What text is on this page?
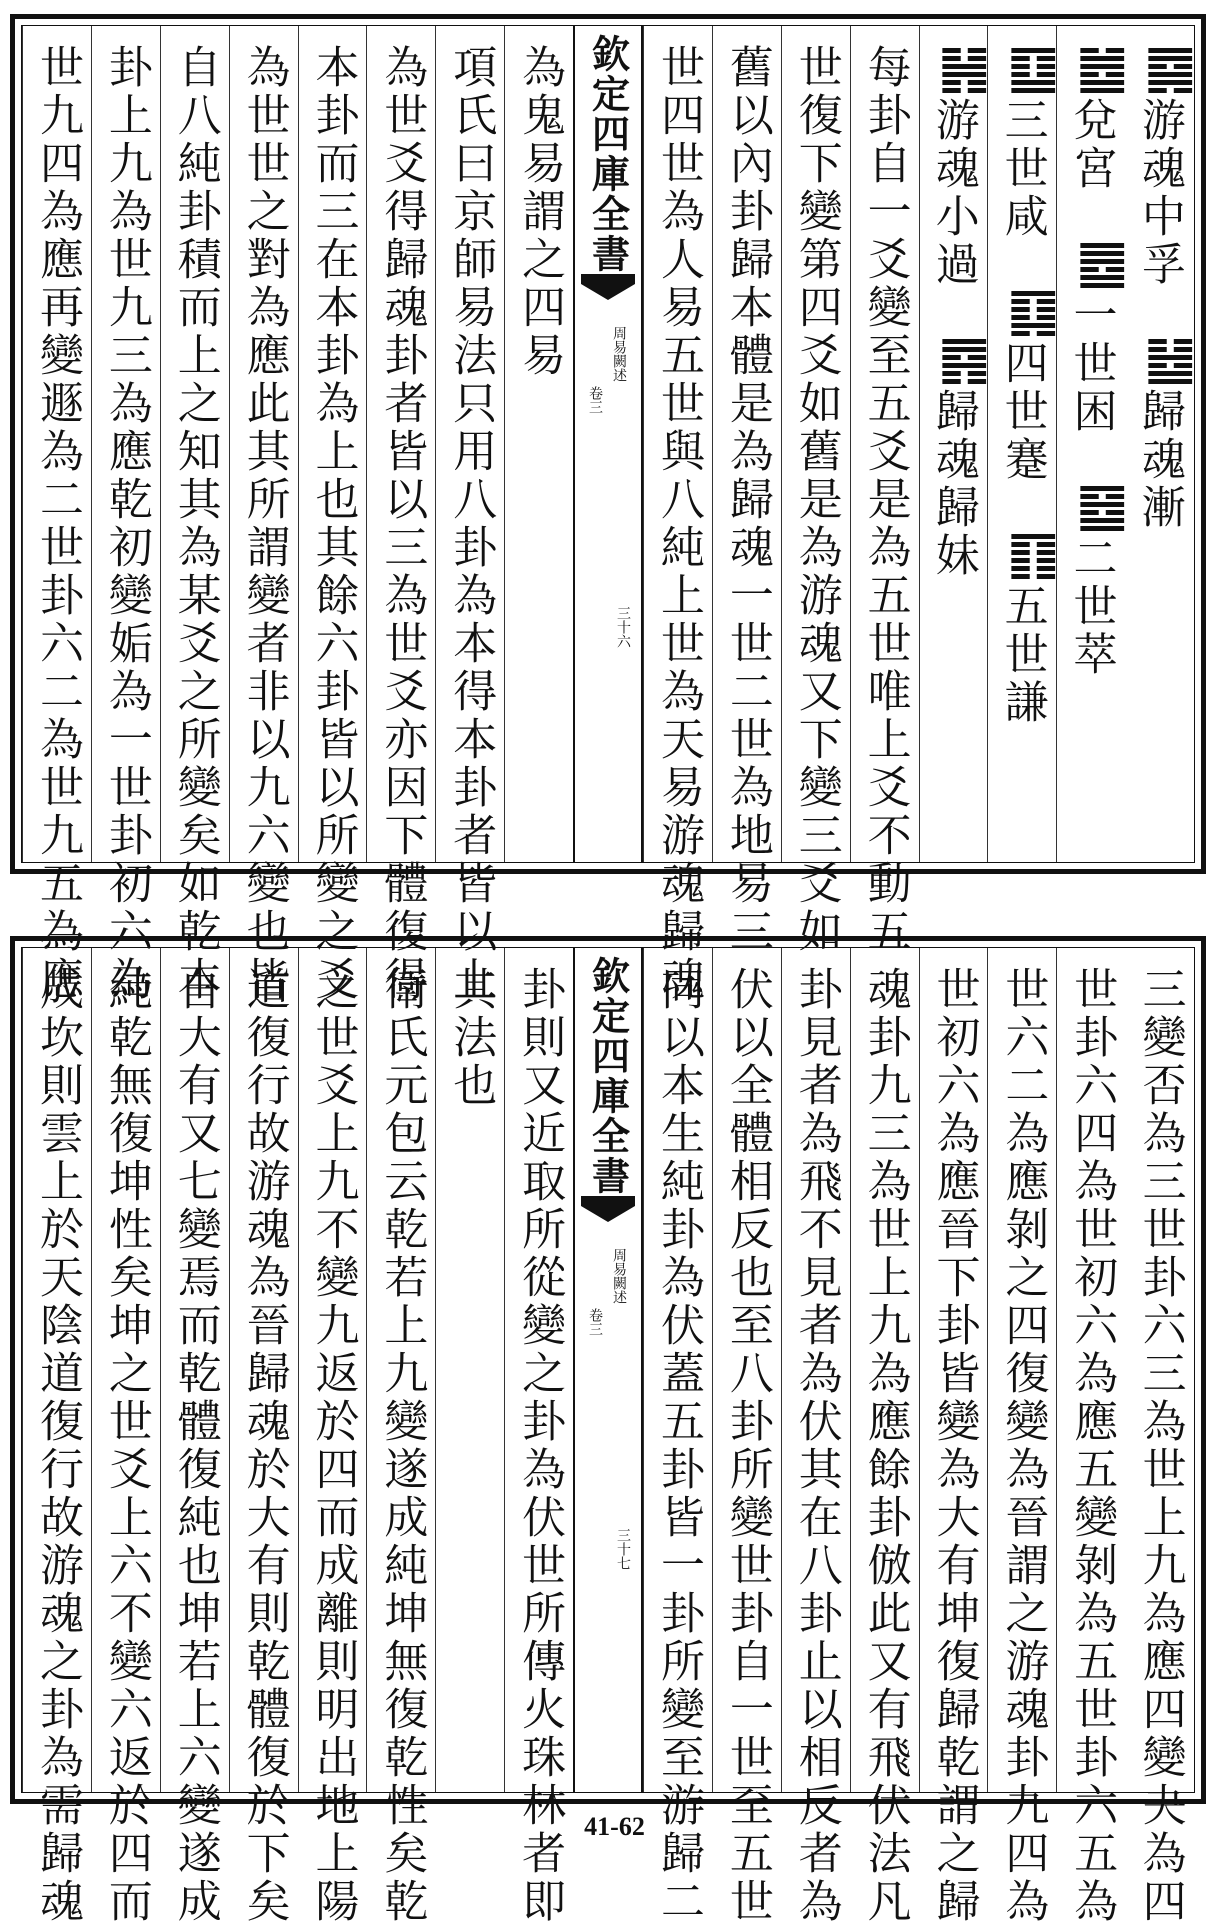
游魂中孚
歸魂漸
兌宮
一世困
二世萃
三世咸
四世蹇
五世謙
游魂小過
歸魂歸妹
每卦自一爻變至五爻是為五世唯上爻不動五
世復下變第四爻如舊是為游魂又下變三爻如
舊以內卦歸本體是為歸魂一世二世為地易三
世四世為人易五世與八純上世為天易游魂歸魂
欽定四庫全書
卷三
周易闕述
三十六
為鬼易謂之四易
項氏曰京師易法只用八卦為本得本卦者皆以上
為世爻得歸魂卦者皆以三為世爻亦因下體復得
本卦而三在本卦為上也其餘六卦皆以所變之爻
為世世之對為應此其所謂變者非以九六變也皆
自八純卦積而上之知其為某爻之所變矣如乾本
卦上九為世九三為應乾初變姤為一世卦初六為
世九四為應再變遯為二世卦六二為世九五為應
三變否為三世卦六三為世上九為應四變夬為四
世卦六四為世初六為應五變剝為五世卦六五為
世六二為應剝之四復變為晉謂之游魂卦九四為
世初六為應晉下卦皆變為大有坤復歸乾謂之歸
魂卦九三為世上九為應餘卦倣此又有飛伏法凡
卦見者為飛不見者為伏其在八卦止以相反者為
伏以全體相反也至八卦所變世卦自一世至五世
同以本生純卦為伏蓋五卦皆一卦所變至游歸二
欽定四庫全書
卷三
周易闕述
三十七
卦則又近取所從變之卦為伏世所傳火珠林者即
其法也
衛氏元包云乾若上九變遂成純坤無復乾性矣乾
之世爻上九不變九返於四而成離則明出地上陽
道復行故游魂為晉歸魂於大有則乾體復於下矣
自大有又七變焉而乾體復純也坤若上六變遂成
純乾無復坤性矣坤之世爻上六不變六返於四而
成坎則雲上於天陰道復行故游魂之卦為需歸魂	41-62
